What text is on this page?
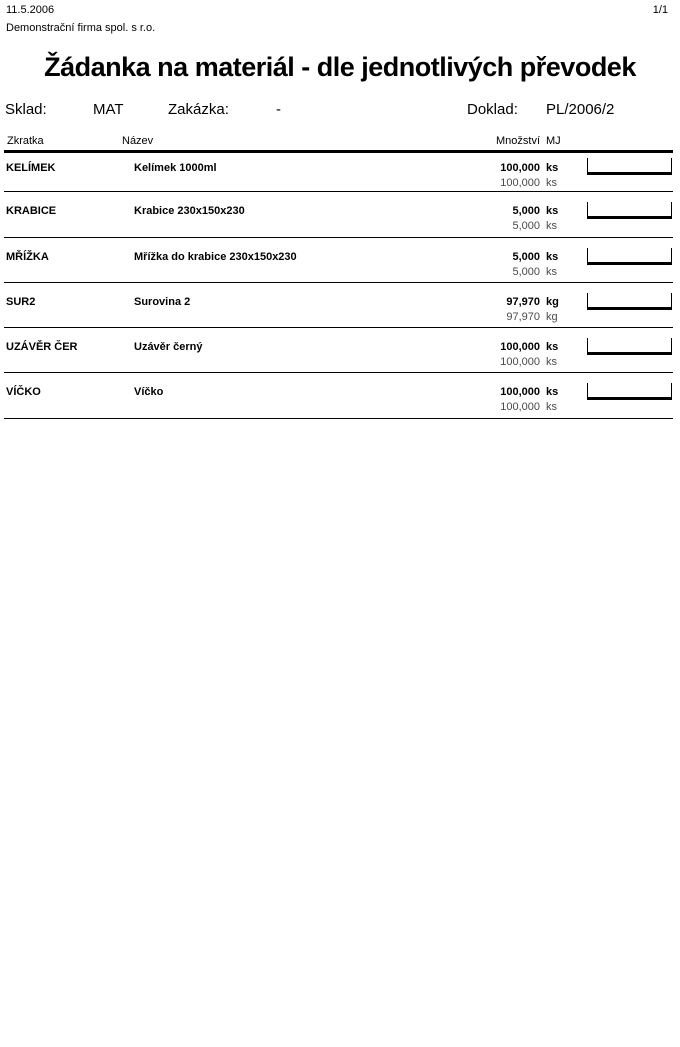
11.5.2006	1/1
Demonstrační firma spol. s r.o.
Žádanka na materiál - dle jednotlivých převodek
Sklad:	MAT	Zakázka:	-	Doklad: PL/2006/2
Zkratka	Název	Množství MJ
KELÍMEK	Kelímek 1000ml	100,000 ks
100,000 ks
KRABICE	Krabice 230x150x230	5,000 ks
5,000 ks
MŘÍŽKA	Mřížka do krabice 230x150x230	5,000 ks
5,000 ks
SUR2	Surovina 2	97,970 kg
97,970 kg
UZÁVĚR ČER	Uzávěr černý	100,000 ks
100,000 ks
VÍČKO	Víčko	100,000 ks
100,000 ks
